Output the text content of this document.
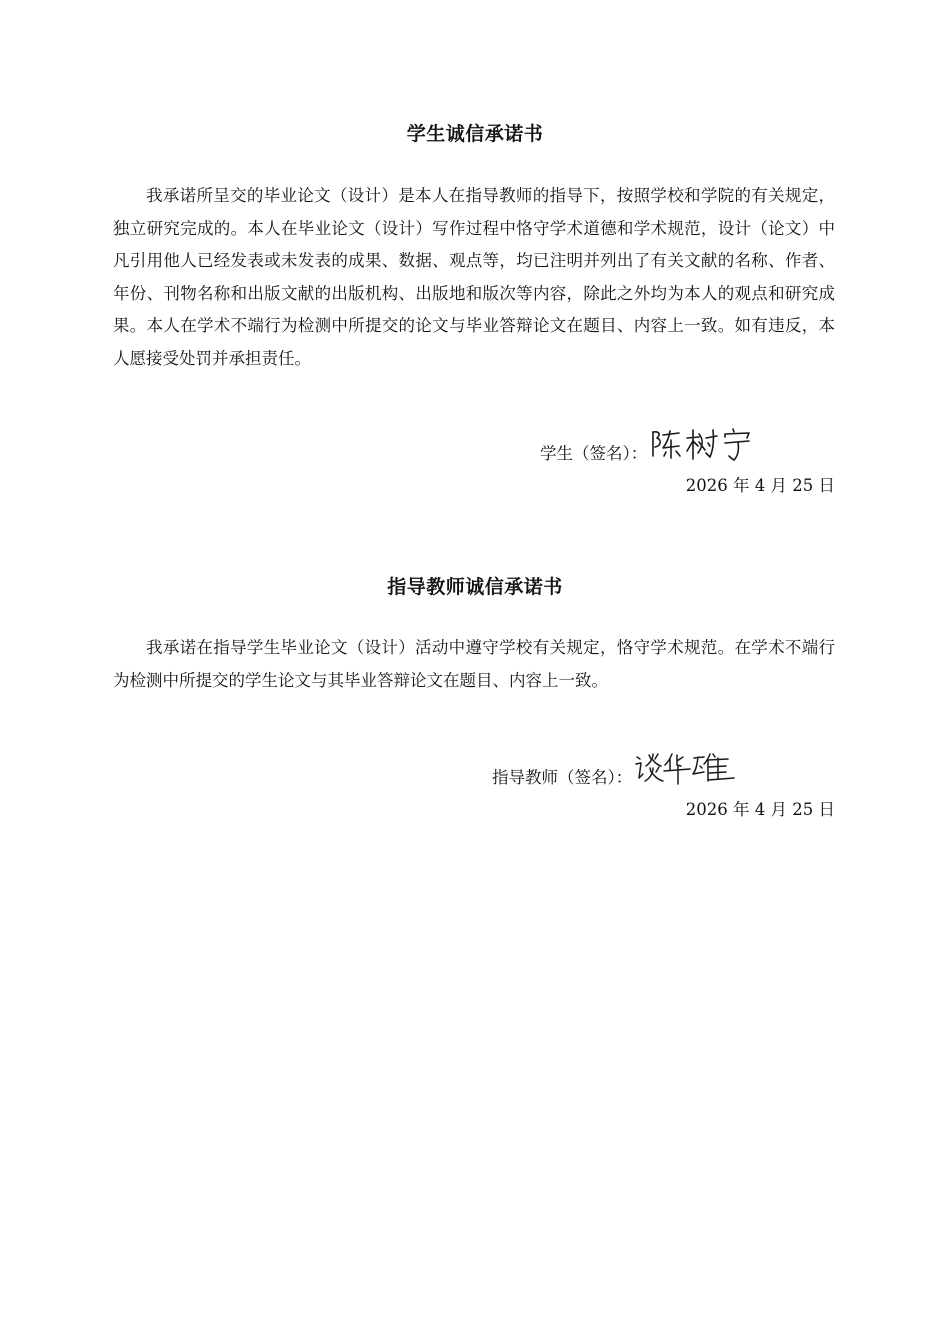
学生诚信承诺书

我承诺所呈交的毕业论文（设计）是本人在指导教师的指导下，按照学校和学院的有关规定，独立研究完成的。本人在毕业论文（设计）写作过程中恪守学术道德和学术规范，设计（论文）中凡引用他人已经发表或未发表的成果、数据、观点等，均已注明并列出了有关文献的名称、作者、年份、刊物名称和出版文献的出版机构、出版地和版次等内容，除此之外均为本人的观点和研究成果。本人在学术不端行为检测中所提交的论文与毕业答辩论文在题目、内容上一致。如有违反，本人愿接受处罚并承担责任。

学生（签名）：
2026 年 4 月 25 日
指导教师诚信承诺书

我承诺在指导学生毕业论文（设计）活动中遵守学校有关规定，恪守学术规范。在学术不端行为检测中所提交的学生论文与其毕业答辩论文在题目、内容上一致。

指导教师（签名）：
2026 年 4 月 25 日
